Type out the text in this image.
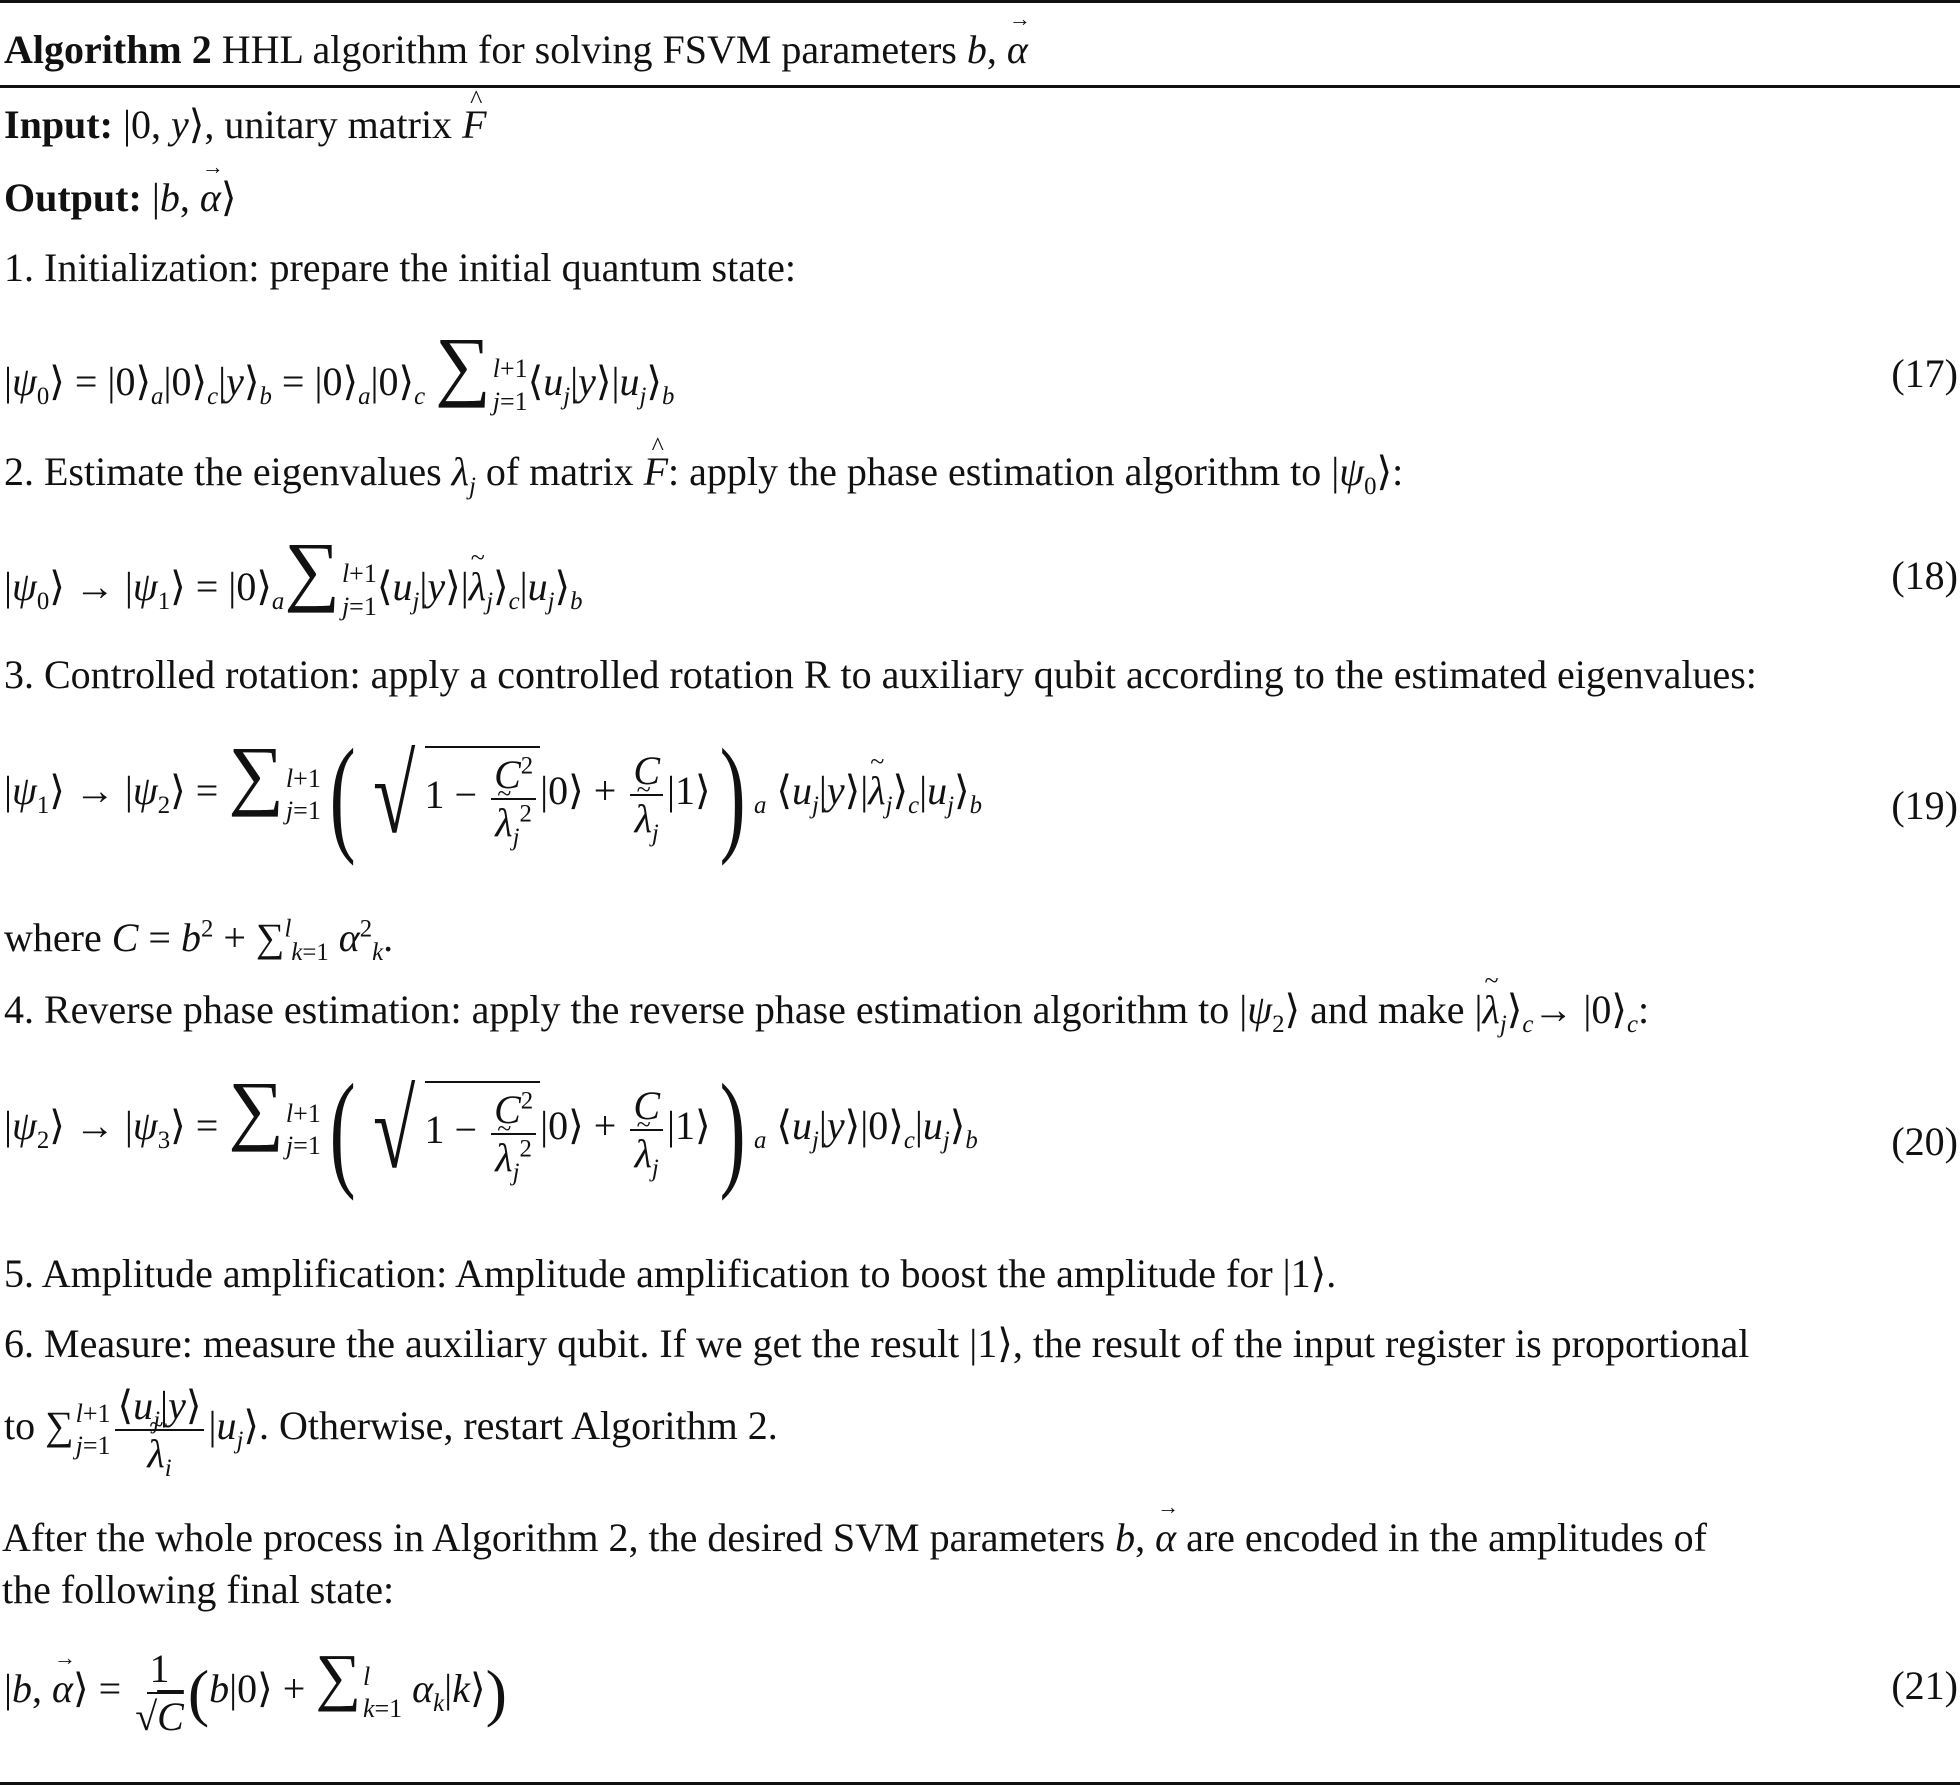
Algorithm 2 HHL algorithm for solving FSVM parameters b, → α
Input: |0, y⟩, unitary matrix ^ F
Output: |b, → α⟩
1. Initialization: prepare the initial quantum state:
$|\psi_0⟩$ = $|0⟩_a|0⟩_c|y⟩_b$ = $|0⟩_a|0⟩_c$ ∑ l+1
j=1 $⟨u_j|y⟩|u_j⟩_b$
(17)
2. Estimate the eigenvalues $\lambda_j$ of matrix ^ F: apply the phase estimation algorithm to $|\psi_0⟩$:
$|\psi_0⟩$ → $|\psi_1⟩$ = $|0⟩_a\sum$ l+1
j=1 $⟨u_j|y⟩|\sim$ $\lambda_j⟩_c|u_j⟩_b$
(18)
3. Controlled rotation: apply a controlled rotation R to auxiliary qubit according to the estimated eigenvalues:
$|\psi_1⟩$ → $|\psi_2⟩$ = ∑ l+1
j=1 ( √ $1 - C^2$
~ $\lambda_j^2$ |0⟩ + C
~ $\lambda_j$ |1⟩) $_a$ $⟨u_j|y⟩|\sim$ $\lambda_j⟩_c|u_j⟩_b$	(19)
where $C = b^2 + \sum^l_{k=1}$ $\alpha^2_k$.
4. Reverse phase estimation: apply the reverse phase estimation algorithm to $|\psi_2⟩$ and make |~ $\lambda_j⟩_c\to$ $|0⟩_c$:
$|\psi_2⟩$ → $|\psi_3⟩$ = ∑ l+1
j=1 ( √ $1 - C^2$
~ $\lambda_j^2$ |0⟩ + C
~ $\lambda_j$ |1⟩) $_a$ $⟨u_j|y⟩|0⟩_c|u_j⟩_b$	(20)
5. Amplitude amplification: Amplitude amplification to boost the amplitude for |1⟩.
6. Measure: measure the auxiliary qubit. If we get the result |1⟩, the result of the input register is proportional
to ∑ l+1
j=1 $⟨u_j|y⟩$
~ $\lambda_i$ $|u_j⟩$. Otherwise, restart Algorithm 2.
After the whole process in Algorithm 2, the desired SVM parameters b, → α are encoded in the amplitudes of
the following final state:
|b, → α⟩ = $\frac{1}{√C}$ (b|0⟩ + ∑ l
k=1 $\alpha_k|k⟩$)	(21)
